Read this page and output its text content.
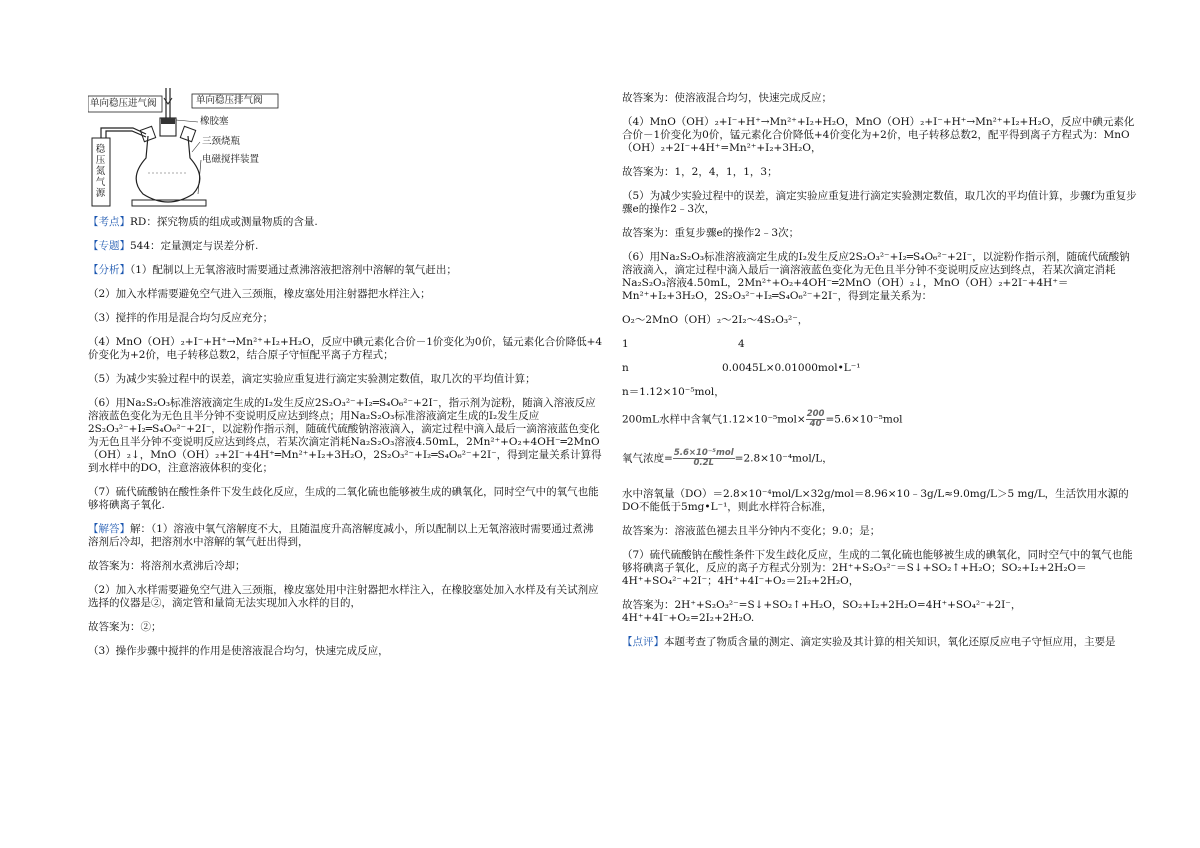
单向稳压进气阀	单向稳压排气阀
橡胶塞
三颈烧瓶
电磁搅拌装置
稳压氮气源
【考点】RD：探究物质的组成或测量物质的含量.
【专题】544：定量测定与误差分析.
【分析】（1）配制以上无氧溶液时需要通过煮沸溶液把溶剂中溶解的氧气赶出；
（2）加入水样需要避免空气进入三颈瓶，橡皮塞处用注射器把水样注入；
（3）搅拌的作用是混合均匀反应充分；
（4）MnO（OH）₂+I⁻+H⁺→Mn²⁺+I₂+H₂O，反应中碘元素化合价－1价变化为0价，锰元素化合价降低+4价变化为+2价，电子转移总数2，结合原子守恒配平离子方程式；
（5）为减少实验过程中的误差，滴定实验应重复进行滴定实验测定数值，取几次的平均值计算；
（6）用Na₂S₂O₃标准溶液滴定生成的I₂发生反应2S₂O₃²⁻+I₂═S₄O₆²⁻+2I⁻，指示剂为淀粉，随滴入溶液反应溶液蓝色变化为无色且半分钟不变说明反应达到终点；用Na₂S₂O₃标准溶液滴定生成的I₂发生反应2S₂O₃²⁻+I₂═S₄O₆²⁻+2I⁻，以淀粉作指示剂，随硫代硫酸钠溶液滴入，滴定过程中滴入最后一滴溶液蓝色变化为无色且半分钟不变说明反应达到终点，若某次滴定消耗Na₂S₂O₃溶液4.50mL，2Mn²⁺+O₂+4OH⁻═2MnO（OH）₂↓，MnO（OH）₂+2I⁻+4H⁺═Mn²⁺+I₂+3H₂O，2S₂O₃²⁻+I₂═S₄O₆²⁻+2I⁻，得到定量关系计算得到水样中的DO，注意溶液体积的变化；
（7）硫代硫酸钠在酸性条件下发生歧化反应，生成的二氧化硫也能够被生成的碘氧化，同时空气中的氧气也能够将碘离子氧化.
【解答】解：（1）溶液中氧气溶解度不大，且随温度升高溶解度减小，所以配制以上无氧溶液时需要通过煮沸溶剂后冷却，把溶剂水中溶解的氧气赶出得到，
故答案为：将溶剂水煮沸后冷却；
（2）加入水样需要避免空气进入三颈瓶，橡皮塞处用中注射器把水样注入，在橡胶塞处加入水样及有关试剂应选择的仪器是②，滴定管和量筒无法实现加入水样的目的，
故答案为：②；
（3）操作步骤中搅拌的作用是使溶液混合均匀，快速完成反应，
故答案为：使溶液混合均匀，快速完成反应；
（4）MnO（OH）₂+I⁻+H⁺→Mn²⁺+I₂+H₂O，MnO（OH）₂+I⁻+H⁺→Mn²⁺+I₂+H₂O，反应中碘元素化合价－1价变化为0价，锰元素化合价降低+4价变化为+2价，电子转移总数2，配平得到离子方程式为：MnO（OH）₂+2I⁻+4H⁺=Mn²⁺+I₂+3H₂O，
故答案为：1，2，4，1，1，3；
（5）为减少实验过程中的误差，滴定实验应重复进行滴定实验测定数值，取几次的平均值计算，步骤f为重复步骤e的操作2﹣3次，
故答案为：重复步骤e的操作2﹣3次；
（6）用Na₂S₂O₃标准溶液滴定生成的I₂发生反应2S₂O₃²⁻+I₂═S₄O₆²⁻+2I⁻，以淀粉作指示剂，随硫代硫酸钠溶液滴入，滴定过程中滴入最后一滴溶液蓝色变化为无色且半分钟不变说明反应达到终点，若某次滴定消耗Na₂S₂O₃溶液4.50mL，2Mn²⁺+O₂+4OH⁻═2MnO（OH）₂↓，MnO（OH）₂+2I⁻+4H⁺＝Mn²⁺+I₂+3H₂O，2S₂O₃²⁻+I₂═S₄O₆²⁻+2I⁻，得到定量关系为：
O₂～2MnO（OH）₂～2I₂～4S₂O₃²⁻，
1	4
n	0.0045L×0.01000mol•L⁻¹
n＝1.12×10⁻⁵mol，
200mL水样中含氧气$1.12\times 10^{-5}mol\times \frac{200}{40} =5.6\times 10^{-5}mol$
氧气浓度= $\frac{\text{5.6×10⁻⁵mol}}{0.2L} =2.8\times 10^{-4}mol/L$，
水中溶氧量（DO）＝2.8×10⁻⁴mol/L×32g/mol＝8.96×10﹣3g/L≈9.0mg/L＞5 mg/L，生活饮用水源的DO不能低于5mg•L⁻¹，则此水样符合标准，
故答案为：溶液蓝色褪去且半分钟内不变化；9.0；是；
（7）硫代硫酸钠在酸性条件下发生歧化反应，生成的二氧化硫也能够被生成的碘氧化，同时空气中的氧气也能够将碘离子氧化，反应的离子方程式分别为：2H⁺+S₂O₃²⁻＝S↓+SO₂↑+H₂O；SO₂+I₂+2H₂O＝4H⁺+SO₄²⁻+2I⁻；4H⁺+4I⁻+O₂＝2I₂+2H₂O，
故答案为：2H⁺+S₂O₃²⁻=S↓+SO₂↑+H₂O，SO₂+I₂+2H₂O=4H⁺+SO₄²⁻+2I⁻，4H⁺+4I⁻+O₂=2I₂+2H₂O.
【点评】本题考查了物质含量的测定、滴定实验及其计算的相关知识，氧化还原反应电子守恒应用，主要是
